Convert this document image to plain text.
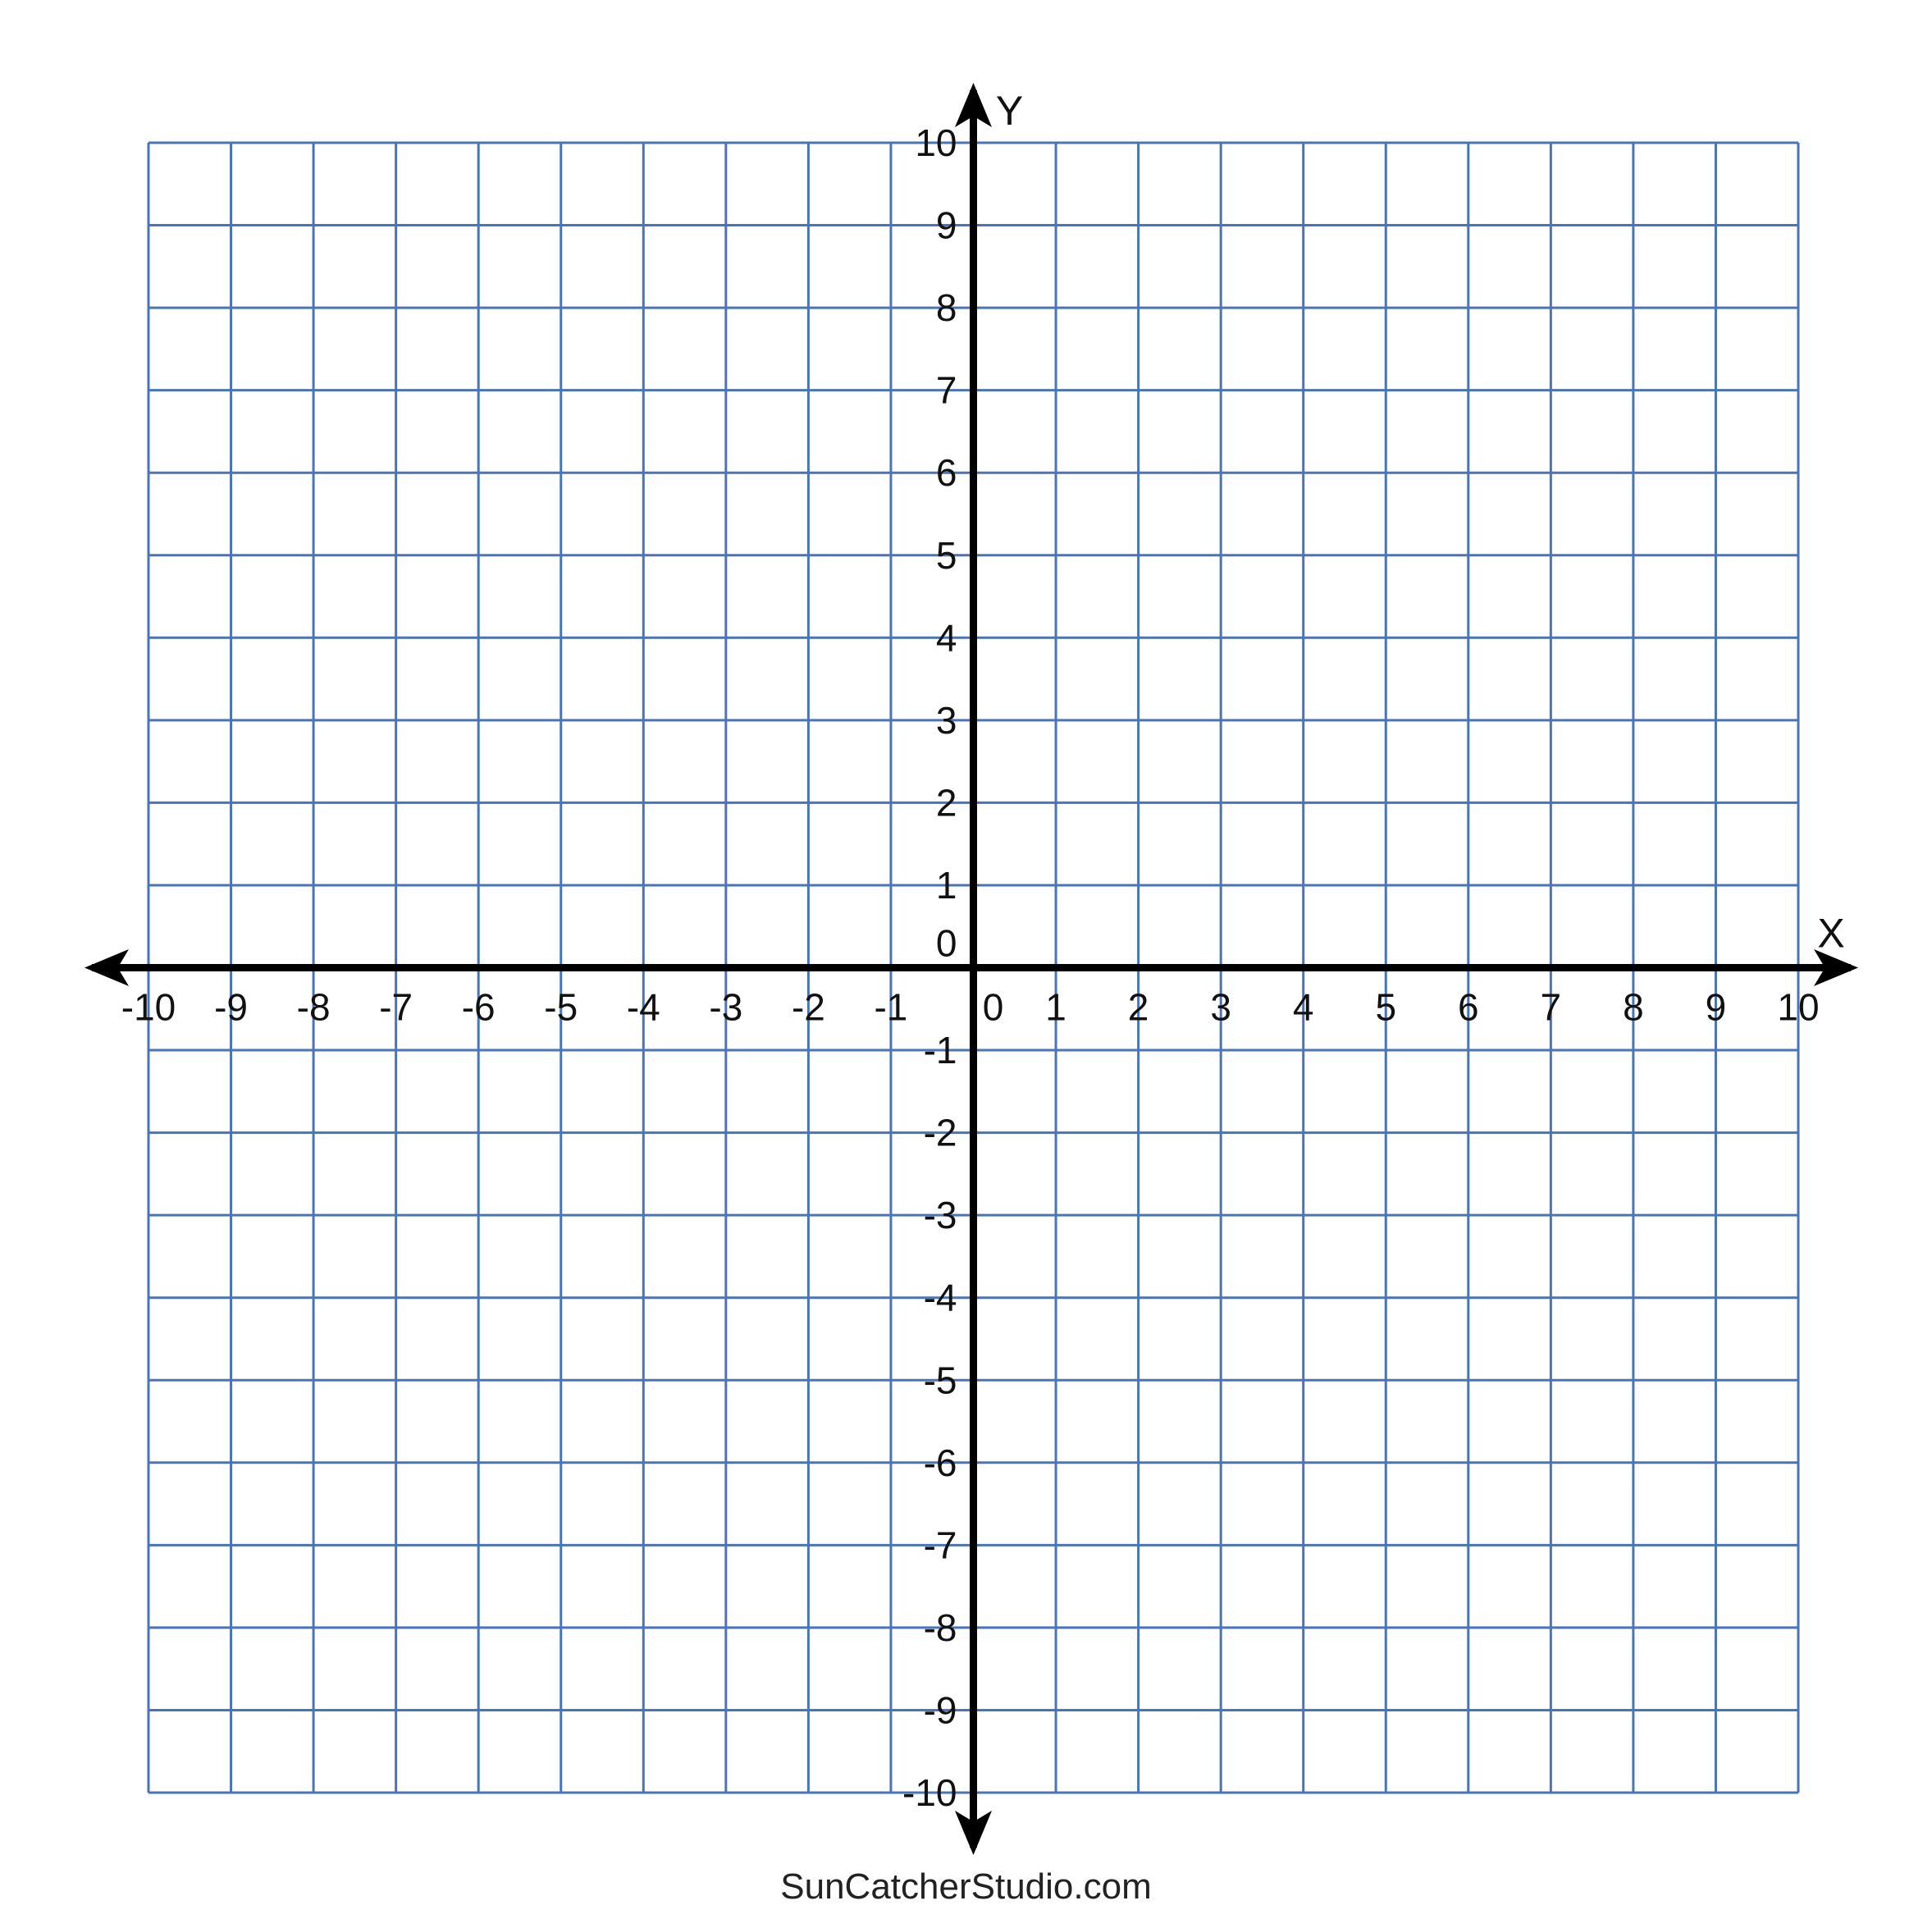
-10 -9 -8 -7 -6 -5 -4 -3 -2 -1 0 1 2 3 4 5 6 7 8 9 10
-10
-9
-8
-7
-6
-5
-4
-3
-2
-1
0
1
2
3
4
5
6
7
8
9
10
X
Y
SunCatcherStudio.com
